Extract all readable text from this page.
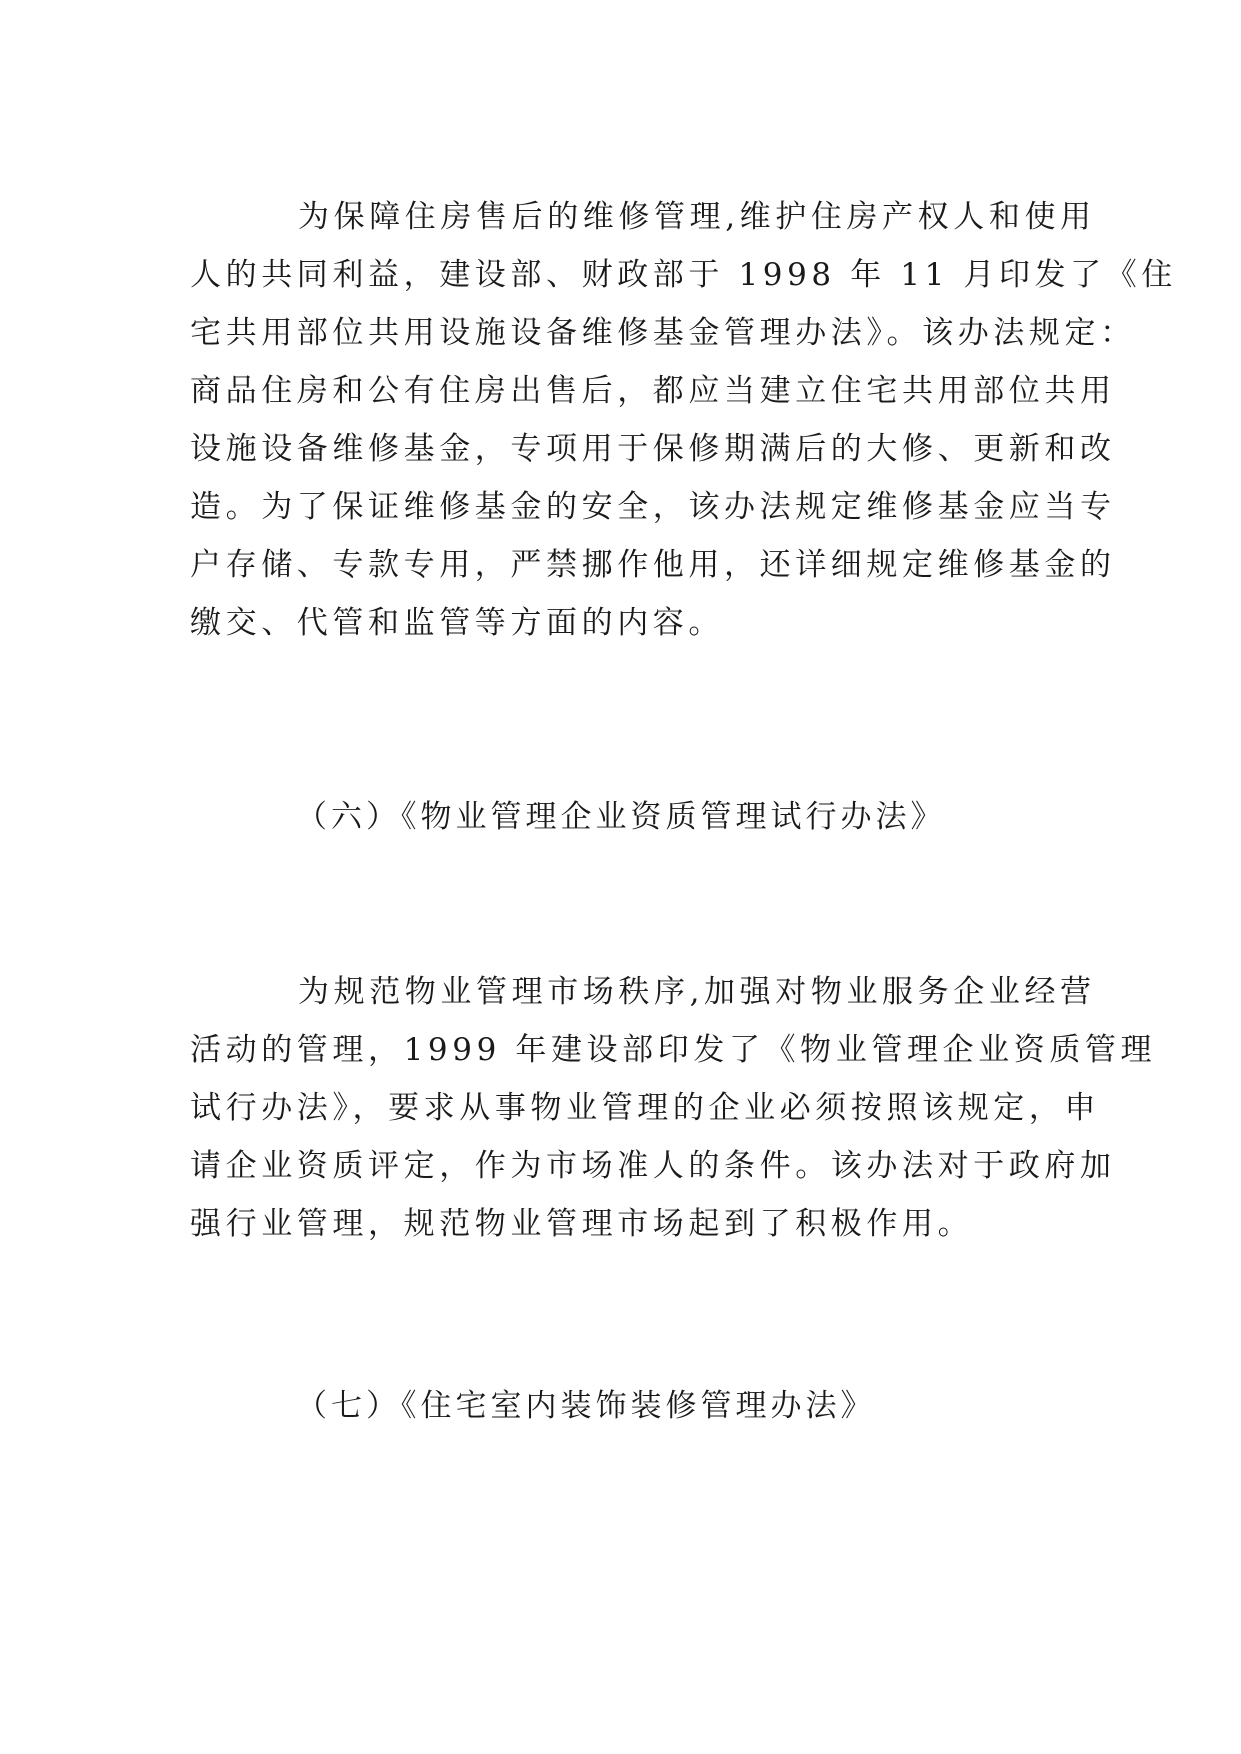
为保障住房售后的维修管理,维护住房产权人和使用
人的共同利益，建设部、财政部于 1998 年 11 月印发了《住
宅共用部位共用设施设备维修基金管理办法》。该办法规定：
商品住房和公有住房出售后，都应当建立住宅共用部位共用
设施设备维修基金，专项用于保修期满后的大修、更新和改
造。为了保证维修基金的安全，该办法规定维修基金应当专
户存储、专款专用，严禁挪作他用，还详细规定维修基金的
缴交、代管和监管等方面的内容。
（六）《物业管理企业资质管理试行办法》
为规范物业管理市场秩序,加强对物业服务企业经营
活动的管理，1999 年建设部印发了《物业管理企业资质管理
试行办法》，要求从事物业管理的企业必须按照该规定，申
请企业资质评定，作为市场准人的条件。该办法对于政府加
强行业管理，规范物业管理市场起到了积极作用。
（七）《住宅室内装饰装修管理办法》
